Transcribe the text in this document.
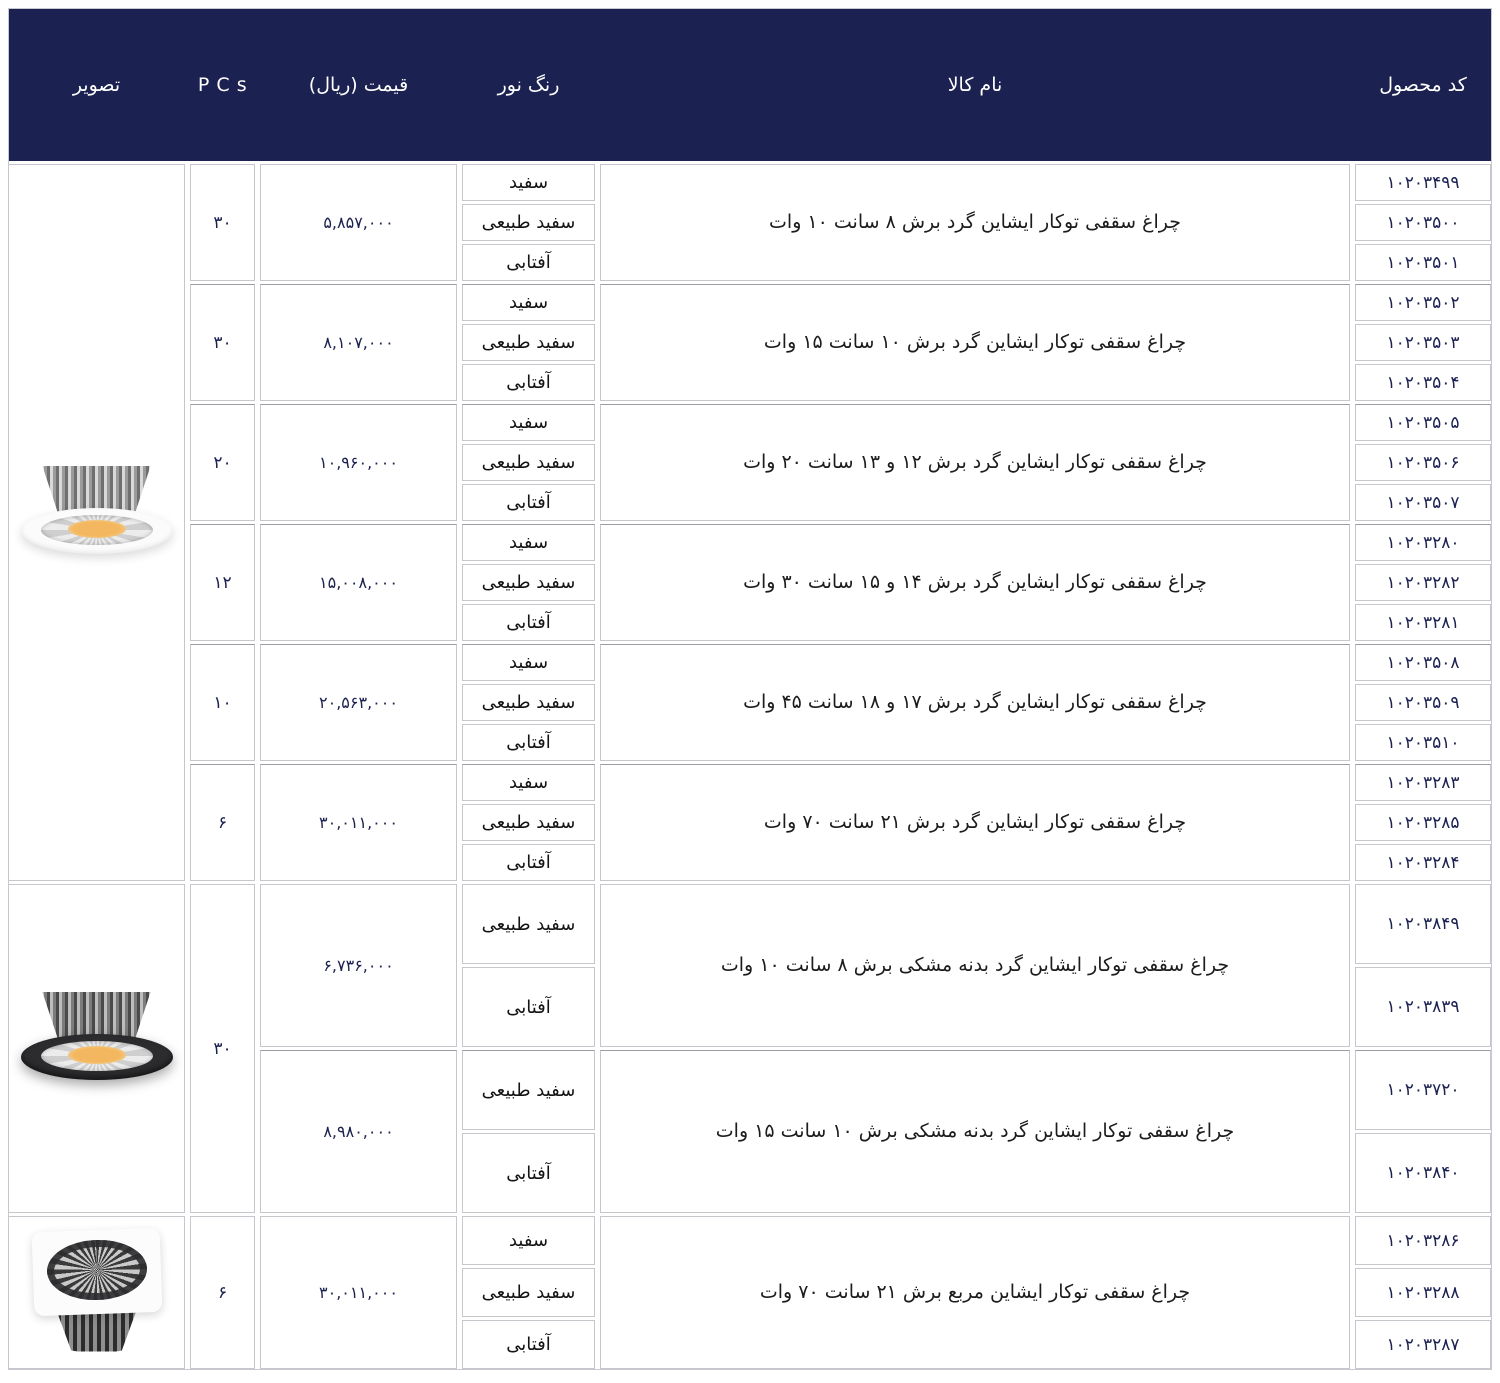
کد محصول
نام کالا
رنگ نور
قیمت (ریال)
P C s
تصویر
۱۰۲۰۳۴۹۹
۱۰۲۰۳۵۰۰
۱۰۲۰۳۵۰۱
چراغ سقفی توکار ایشاین گرد برش ۸ سانت ۱۰ وات
سفید
سفید طبیعی
آفتابی
۵,۸۵۷,۰۰۰
۳۰
۱۰۲۰۳۵۰۲
۱۰۲۰۳۵۰۳
۱۰۲۰۳۵۰۴
چراغ سقفی توکار ایشاین گرد برش ۱۰ سانت ۱۵ وات
سفید
سفید طبیعی
آفتابی
۸,۱۰۷,۰۰۰
۳۰
۱۰۲۰۳۵۰۵
۱۰۲۰۳۵۰۶
۱۰۲۰۳۵۰۷
چراغ سقفی توکار ایشاین گرد برش ۱۲ و ۱۳ سانت ۲۰ وات
سفید
سفید طبیعی
آفتابی
۱۰,۹۶۰,۰۰۰
۲۰
۱۰۲۰۳۲۸۰
۱۰۲۰۳۲۸۲
۱۰۲۰۳۲۸۱
چراغ سقفی توکار ایشاین گرد برش ۱۴ و ۱۵ سانت ۳۰ وات
سفید
سفید طبیعی
آفتابی
۱۵,۰۰۸,۰۰۰
۱۲
۱۰۲۰۳۵۰۸
۱۰۲۰۳۵۰۹
۱۰۲۰۳۵۱۰
چراغ سقفی توکار ایشاین گرد برش ۱۷ و ۱۸ سانت ۴۵ وات
سفید
سفید طبیعی
آفتابی
۲۰,۵۶۳,۰۰۰
۱۰
۱۰۲۰۳۲۸۳
۱۰۲۰۳۲۸۵
۱۰۲۰۳۲۸۴
چراغ سقفی توکار ایشاین گرد برش ۲۱ سانت ۷۰ وات
سفید
سفید طبیعی
آفتابی
۳۰,۰۱۱,۰۰۰
۶
۱۰۲۰۳۸۴۹
۱۰۲۰۳۸۳۹
چراغ سقفی توکار ایشاین گرد بدنه مشکی برش ۸ سانت ۱۰ وات
سفید طبیعی
آفتابی
۶,۷۳۶,۰۰۰
۱۰۲۰۳۷۲۰
۱۰۲۰۳۸۴۰
چراغ سقفی توکار ایشاین گرد بدنه مشکی برش ۱۰ سانت ۱۵ وات
سفید طبیعی
آفتابی
۸,۹۸۰,۰۰۰
۳۰
۱۰۲۰۳۲۸۶
۱۰۲۰۳۲۸۸
۱۰۲۰۳۲۸۷
چراغ سقفی توکار ایشاین مربع برش ۲۱ سانت ۷۰ وات
سفید
سفید طبیعی
آفتابی
۳۰,۰۱۱,۰۰۰
۶
